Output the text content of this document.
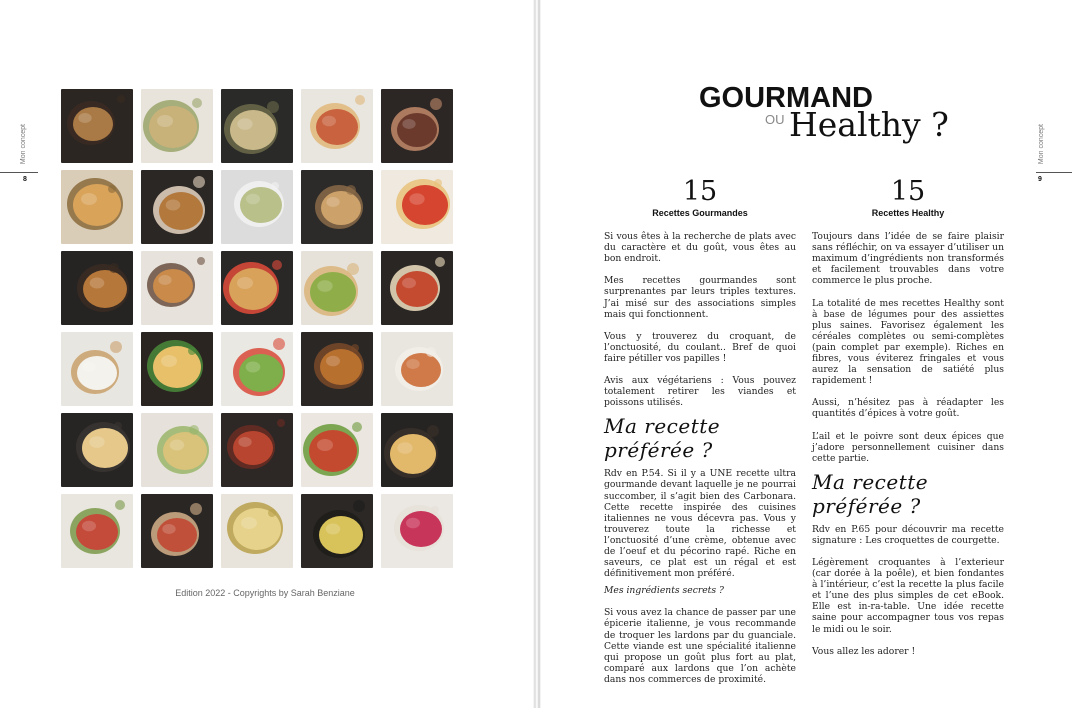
Mon concept
8
Edition 2022 - Copyrights by Sarah Benziane
Mon concept
9
GOURMAND
OU Healthy ?
15
Recettes Gourmandes

Si vous êtes à la recherche de plats avec du caractère et du goût, vous êtes au bon endroit.

Mes recettes gourmandes sont surprenantes par leurs triples textures. J’ai misé sur des associations simples mais qui fonctionnent.

Vous y trouverez du croquant, de l’onctuosité, du coulant.. Bref de quoi faire pétiller vos papilles !

Avis aux végétariens : Vous pouvez totalement retirer les viandes et poissons utilisés.

Ma recette préférée ?

Rdv en P.54. Si il y a UNE recette ultra gourmande devant laquelle je ne pourrai succomber, il s’agit bien des Carbonara. Cette recette inspirée des cuisines italiennes ne vous décevra pas. Vous y trouverez toute la richesse et l’onctuosité d’une crème, obtenue avec de l’oeuf et du pécorino rapé. Riche en saveurs, ce plat est un régal et est définitivement mon préféré.

Mes ingrédients secrets ?

Si vous avez la chance de passer par une épicerie italienne, je vous recommande de troquer les lardons par du guanciale. Cette viande est une spécialité italienne qui propose un goût plus fort au plat, comparé aux lardons que l’on achète dans nos commerces de proximité.

15
Recettes Healthy

Toujours dans l’idée de se faire plaisir sans réfléchir, on va essayer d’utiliser un maximum d’ingrédients non transformés et facilement trouvables dans votre commerce le plus proche.

La totalité de mes recettes Healthy sont à base de légumes pour des assiettes plus saines. Favorisez également les céréales complètes ou semi-complètes (pain complet par exemple). Riches en fibres, vous éviterez fringales et vous aurez la sensation de satiété plus rapidement !

Aussi, n’hésitez pas à réadapter les quantités d’épices à votre goût.

L’ail et le poivre sont deux épices que j’adore personnellement cuisiner dans cette partie.

Ma recette préférée ?

Rdv en P.65 pour découvrir ma recette signature : Les croquettes de courgette.

Légèrement croquantes à l’exterieur (car dorée à la poêle), et bien fondantes à l’intérieur, c’est la recette la plus facile et l’une des plus simples de cet eBook. Elle est in-ra-table. Une idée recette saine pour accompagner tous vos repas le midi ou le soir.

Vous allez les adorer !
